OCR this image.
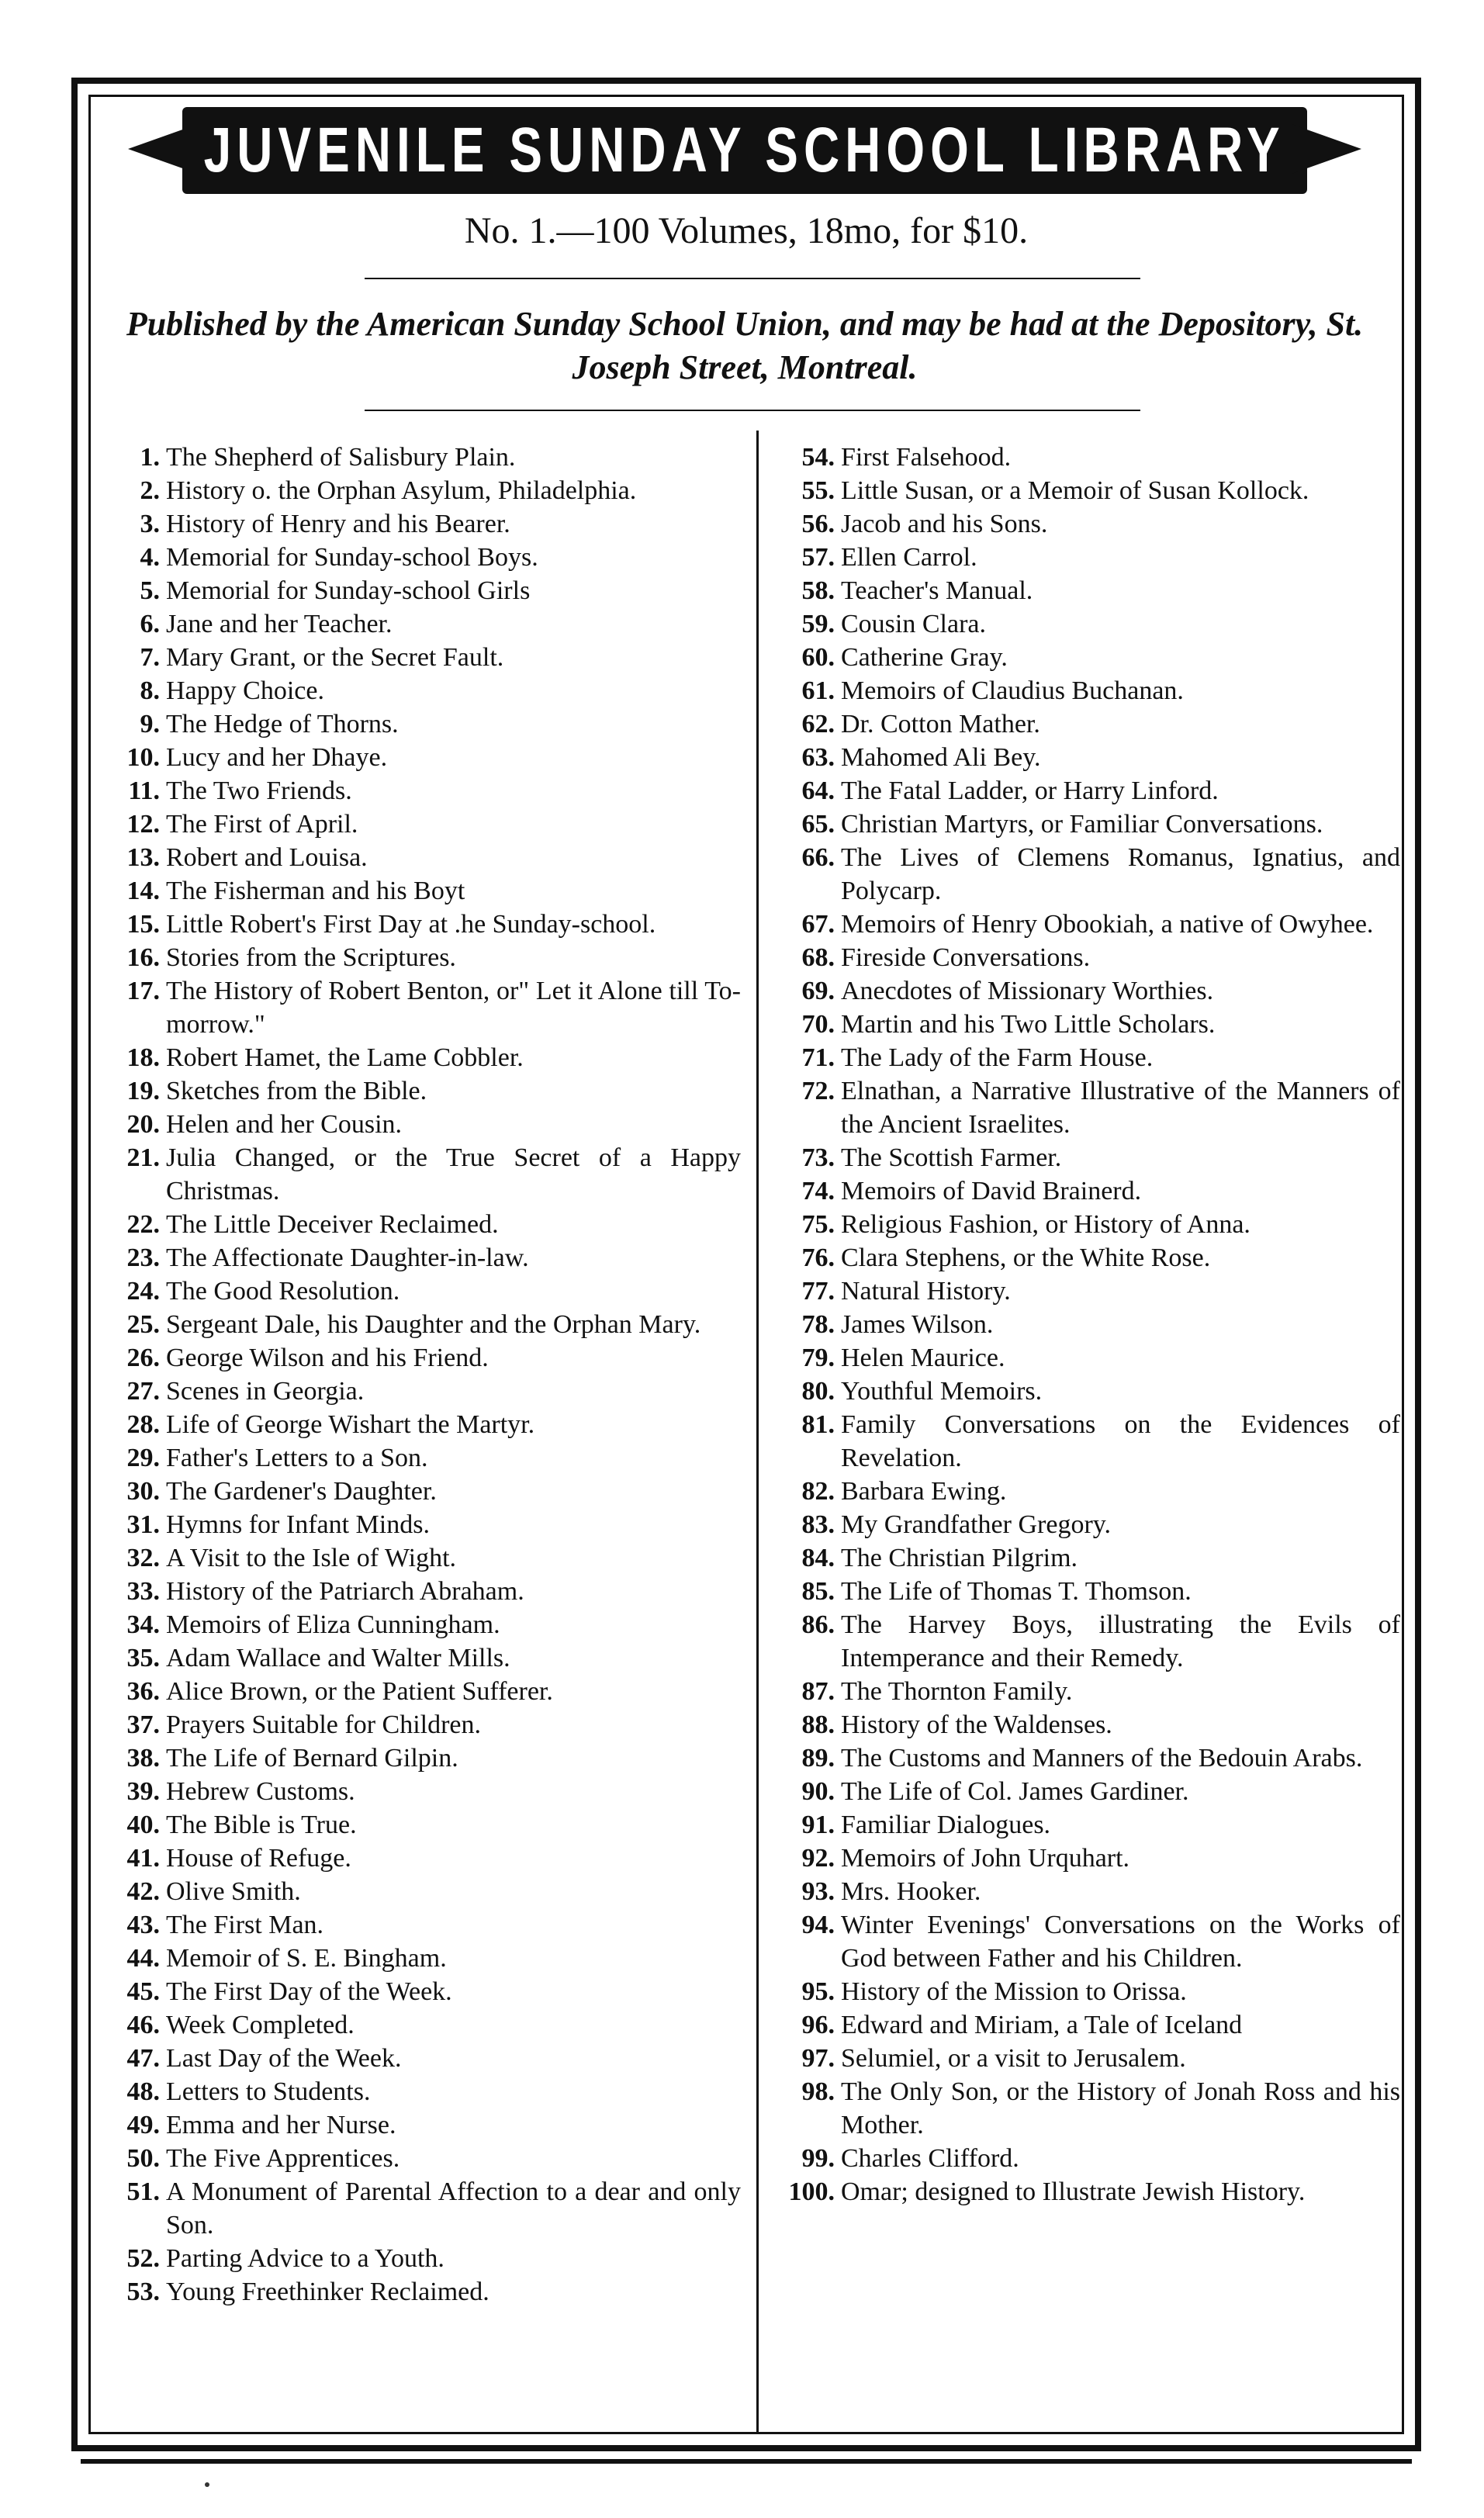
JUVENILE SUNDAY SCHOOL LIBRARY
No. 1.—100 Volumes, 18mo, for $10.
Published by the American Sunday School Union, and may be had at the Depository, St. Joseph Street, Montreal.
1. The Shepherd of Salisbury Plain.
2. History o. the Orphan Asylum, Philadelphia.
3. History of Henry and his Bearer.
4. Memorial for Sunday-school Boys.
5. Memorial for Sunday-school Girls
6. Jane and her Teacher.
7. Mary Grant, or the Secret Fault.
8. Happy Choice.
9. The Hedge of Thorns.
10. Lucy and her Dhaye.
11. The Two Friends.
12. The First of April.
13. Robert and Louisa.
14. The Fisherman and his Boyt
15. Little Robert's First Day at .he Sunday-school.
16. Stories from the Scriptures.
17. The History of Robert Benton, or" Let it Alone till To-morrow."
18. Robert Hamet, the Lame Cobbler.
19. Sketches from the Bible.
20. Helen and her Cousin.
21. Julia Changed, or the True Secret of a Happy Christmas.
22. The Little Deceiver Reclaimed.
23. The Affectionate Daughter-in-law.
24. The Good Resolution.
25. Sergeant Dale, his Daughter and the Orphan Mary.
26. George Wilson and his Friend.
27. Scenes in Georgia.
28. Life of George Wishart the Martyr.
29. Father's Letters to a Son.
30. The Gardener's Daughter.
31. Hymns for Infant Minds.
32. A Visit to the Isle of Wight.
33. History of the Patriarch Abraham.
34. Memoirs of Eliza Cunningham.
35. Adam Wallace and Walter Mills.
36. Alice Brown, or the Patient Sufferer.
37. Prayers Suitable for Children.
38. The Life of Bernard Gilpin.
39. Hebrew Customs.
40. The Bible is True.
41. House of Refuge.
42. Olive Smith.
43. The First Man.
44. Memoir of S. E. Bingham.
45. The First Day of the Week.
46. Week Completed.
47. Last Day of the Week.
48. Letters to Students.
49. Emma and her Nurse.
50. The Five Apprentices.
51. A Monument of Parental Affection to a dear and only Son.
52. Parting Advice to a Youth.
53. Young Freethinker Reclaimed.
54. First Falsehood.
55. Little Susan, or a Memoir of Susan Kollock.
56. Jacob and his Sons.
57. Ellen Carrol.
58. Teacher's Manual.
59. Cousin Clara.
60. Catherine Gray.
61. Memoirs of Claudius Buchanan.
62. Dr. Cotton Mather.
63. Mahomed Ali Bey.
64. The Fatal Ladder, or Harry Linford.
65. Christian Martyrs, or Familiar Conversations.
66. The Lives of Clemens Romanus, Ignatius, and Polycarp.
67. Memoirs of Henry Obookiah, a native of Owyhee.
68. Fireside Conversations.
69. Anecdotes of Missionary Worthies.
70. Martin and his Two Little Scholars.
71. The Lady of the Farm House.
72. Elnathan, a Narrative Illustrative of the Manners of the Ancient Israelites.
73. The Scottish Farmer.
74. Memoirs of David Brainerd.
75. Religious Fashion, or History of Anna.
76. Clara Stephens, or the White Rose.
77. Natural History.
78. James Wilson.
79. Helen Maurice.
80. Youthful Memoirs.
81. Family Conversations on the Evidences of Revelation.
82. Barbara Ewing.
83. My Grandfather Gregory.
84. The Christian Pilgrim.
85. The Life of Thomas T. Thomson.
86. The Harvey Boys, illustrating the Evils of Intemperance and their Remedy.
87. The Thornton Family.
88. History of the Waldenses.
89. The Customs and Manners of the Bedouin Arabs.
90. The Life of Col. James Gardiner.
91. Familiar Dialogues.
92. Memoirs of John Urquhart.
93. Mrs. Hooker.
94. Winter Evenings' Conversations on the Works of God between Father and his Children.
95. History of the Mission to Orissa.
96. Edward and Miriam, a Tale of Iceland
97. Selumiel, or a visit to Jerusalem.
98. The Only Son, or the History of Jonah Ross and his Mother.
99. Charles Clifford.
100. Omar; designed to Illustrate Jewish History.
